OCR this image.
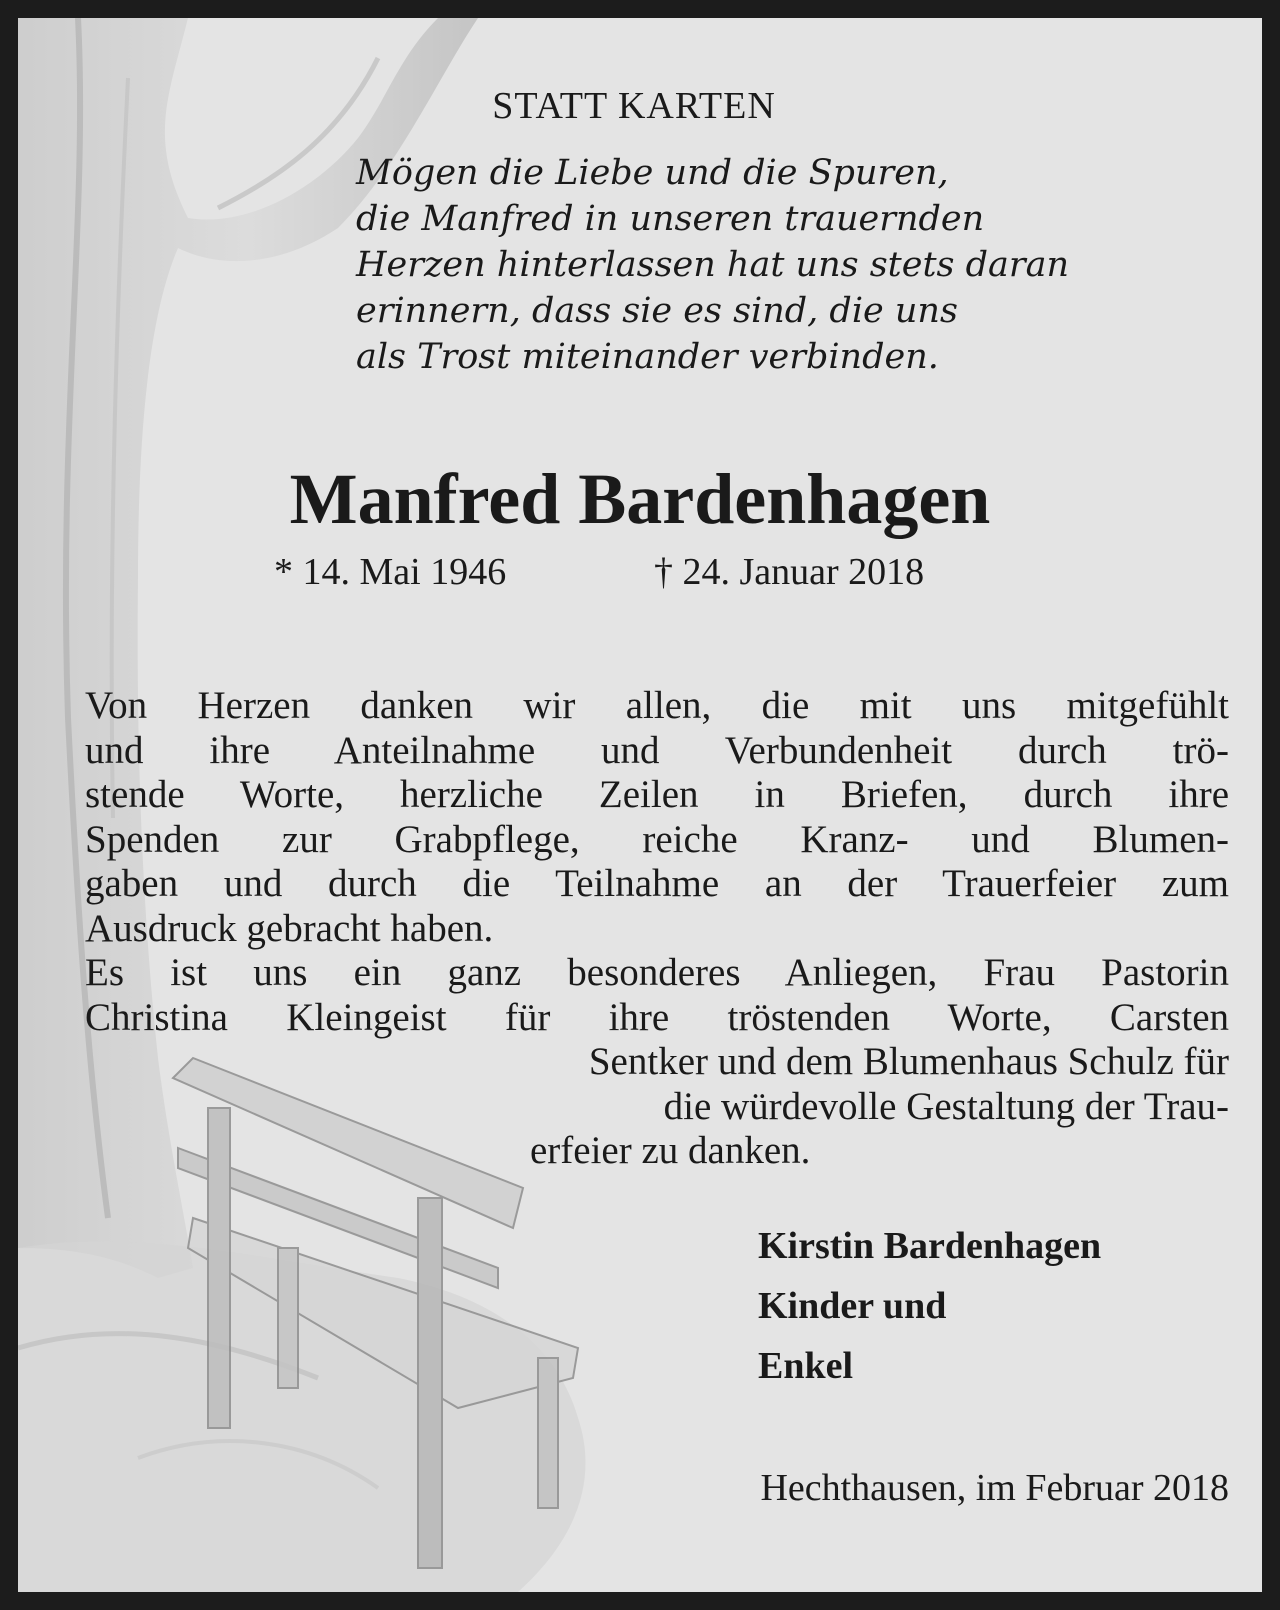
STATT KARTEN
Mögen die Liebe und die Spuren,
die Manfred in unseren trauernden
Herzen hinterlassen hat uns stets daran
erinnern, dass sie es sind, die uns
als Trost miteinander verbinden.
Manfred Bardenhagen
* 14. Mai 1946	† 24. Januar 2018
Von Herzen danken wir allen, die mit uns mitgefühlt
und ihre Anteilnahme und Verbundenheit durch trö-
stende Worte, herzliche Zeilen in Briefen, durch ihre
Spenden zur Grabpflege, reiche Kranz- und Blumen-
gaben und durch die Teilnahme an der Trauerfeier zum
Ausdruck gebracht haben.
Es ist uns ein ganz besonderes Anliegen, Frau Pastorin
Christina Kleingeist für ihre tröstenden Worte, Carsten
Sentker und dem Blumenhaus Schulz für
die würdevolle Gestaltung der Trau-
erfeier zu danken.
Kirstin Bardenhagen
Kinder und
Enkel
Hechthausen, im Februar 2018
